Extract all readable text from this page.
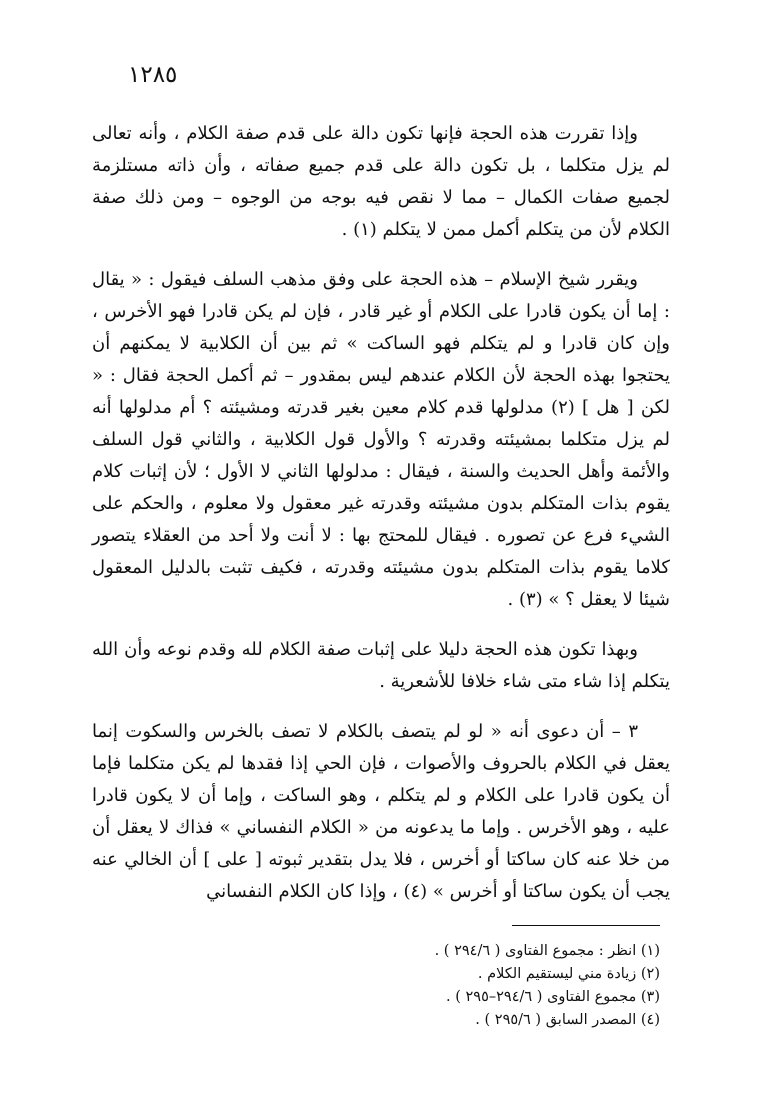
١٢٨٥

وإذا تقررت هذه الحجة فإنها تكون دالة على قدم صفة الكلام ، وأنه تعالى لم يزل متكلما ، بل تكون دالة على قدم جميع صفاته ، وأن ذاته مستلزمة لجميع صفات الكمال – مما لا نقص فيه بوجه من الوجوه – ومن ذلك صفة الكلام لأن من يتكلم أكمل ممن لا يتكلم (١) .

ويقرر شيخ الإسلام – هذه الحجة على وفق مذهب السلف فيقول : « يقال : إما أن يكون قادرا على الكلام أو غير قادر ، فإن لم يكن قادرا فهو الأخرس ، وإن كان قادرا و لم يتكلم فهو الساكت » ثم بين أن الكلابية لا يمكنهم أن يحتجوا بهذه الحجة لأن الكلام عندهم ليس بمقدور – ثم أكمل الحجة فقال : « لكن [ هل ] (٢) مدلولها قدم كلام معين بغير قدرته ومشيئته ؟ أم مدلولها أنه لم يزل متكلما بمشيئته وقدرته ؟ والأول قول الكلابية ، والثاني قول السلف والأئمة وأهل الحديث والسنة ، فيقال : مدلولها الثاني لا الأول ؛ لأن إثبات كلام يقوم بذات المتكلم بدون مشيئته وقدرته غير معقول ولا معلوم ، والحكم على الشيء فرع عن تصوره . فيقال للمحتج بها : لا أنت ولا أحد من العقلاء يتصور كلاما يقوم بذات المتكلم بدون مشيئته وقدرته ، فكيف تثبت بالدليل المعقول شيئا لا يعقل ؟ » (٣) .

وبهذا تكون هذه الحجة دليلا على إثبات صفة الكلام لله وقدم نوعه وأن الله يتكلم إذا شاء متى شاء خلافا للأشعرية .

٣ – أن دعوى أنه « لو لم يتصف بالكلام لا تصف بالخرس والسكوت إنما يعقل في الكلام بالحروف والأصوات ، فإن الحي إذا فقدها لم يكن متكلما فإما أن يكون قادرا على الكلام و لم يتكلم ، وهو الساكت ، وإما أن لا يكون قادرا عليه ، وهو الأخرس . وإما ما يدعونه من « الكلام النفساني » فذاك لا يعقل أن من خلا عنه كان ساكتا أو أخرس ، فلا يدل بتقدير ثبوته [ على ] أن الخالي عنه يجب أن يكون ساكتا أو أخرس » (٤) ، وإذا كان الكلام النفساني

(١) انظر : مجموع الفتاوى ( ٢٩٤/٦ ) .
(٢) زيادة مني ليستقيم الكلام .
(٣) مجموع الفتاوى ( ٢٩٤/٦–٢٩٥ ) .
(٤) المصدر السابق ( ٢٩٥/٦ ) .
